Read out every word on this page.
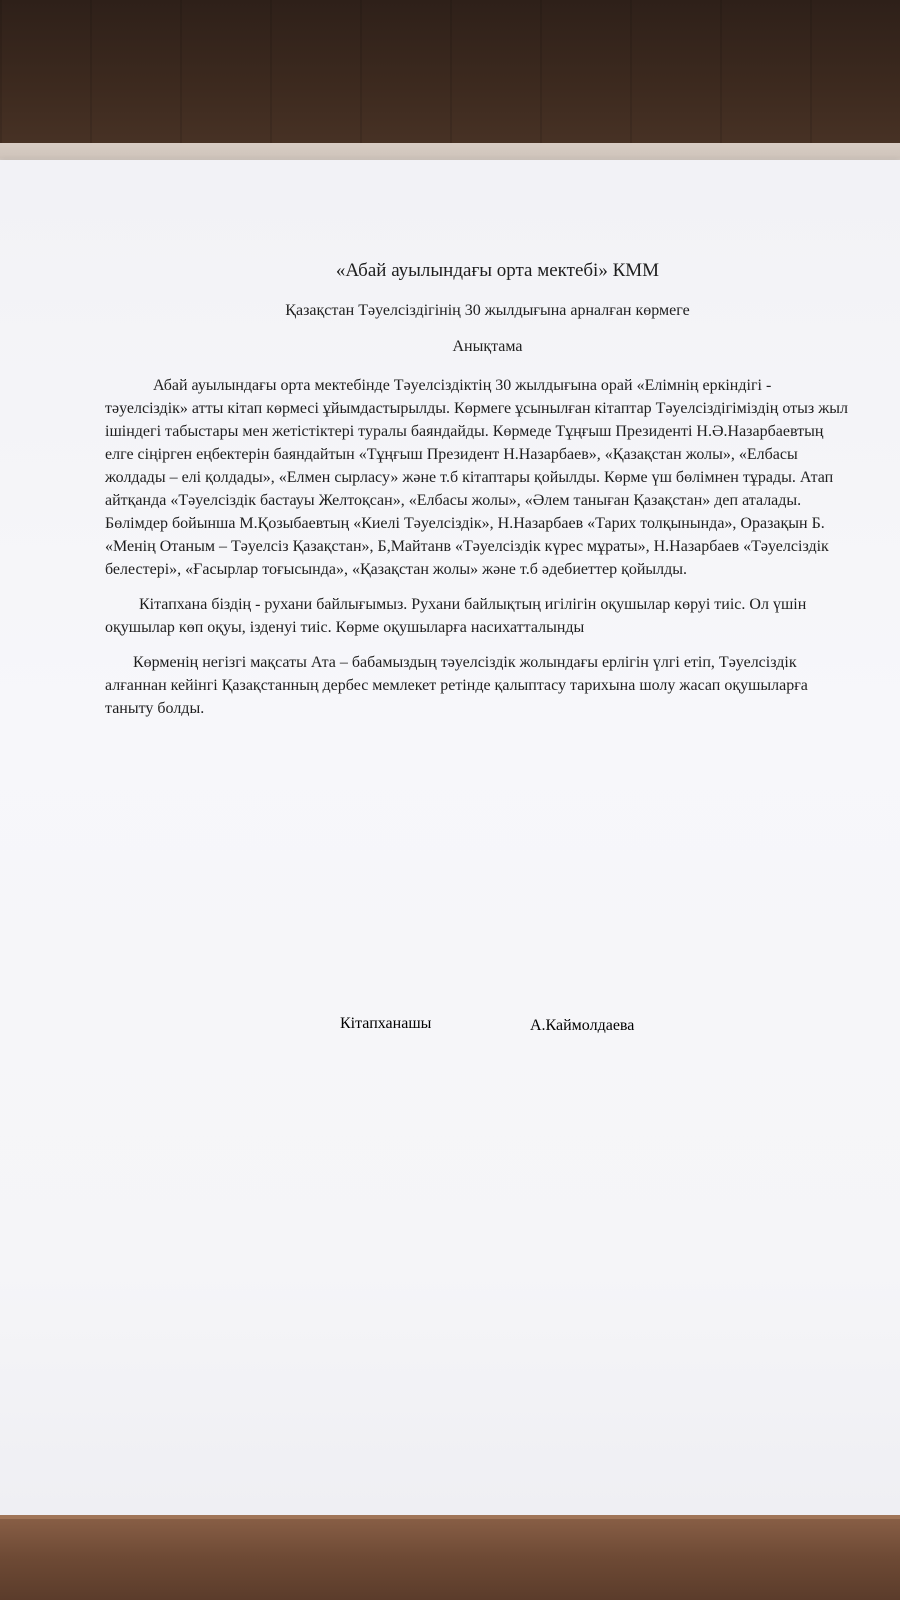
«Абай ауылындағы орта мектебі» КММ
Қазақстан Тәуелсіздігінің 30 жылдығына арналған көрмеге
Анықтама

Абай ауылындағы орта мектебінде Тәуелсіздіктің 30 жылдығына орай «Елімнің еркіндігі - тәуелсіздік» атты кітап көрмесі ұйымдастырылды. Көрмеге ұсынылған кітаптар Тәуелсіздігіміздің отыз жыл ішіндегі табыстары мен жетістіктері туралы баяндайды. Көрмеде Тұңғыш Президенті Н.Ә.Назарбаевтың елге сіңірген еңбектерін баяндайтын «Тұңғыш Президент Н.Назарбаев», «Қазақстан жолы», «Елбасы жолдады – елі қолдады», «Елмен сырласу» және т.б кітаптары қойылды. Көрме үш бөлімнен тұрады. Атап айтқанда «Тәуелсіздік бастауы Желтоқсан», «Елбасы жолы», «Әлем таныған Қазақстан» деп аталады. Бөлімдер бойынша М.Қозыбаевтың «Киелі Тәуелсіздік», Н.Назарбаев «Тарих толқынында», Оразақын Б. «Менің Отаным – Тәуелсіз Қазақстан», Б,Майтанв «Тәуелсіздік күрес мұраты», Н.Назарбаев «Тәуелсіздік белестері», «Ғасырлар тоғысында», «Қазақстан жолы» және т.б әдебиеттер қойылды.

Кітапхана біздің - рухани байлығымыз. Рухани байлықтың игілігін оқушылар көруі тиіс. Ол үшін оқушылар көп оқуы, ізденуі тиіс. Көрме оқушыларға насихатталынды

Көрменің негізгі мақсаты Ата – бабамыздың тәуелсіздік жолындағы ерлігін үлгі етіп, Тәуелсіздік алғаннан кейінгі Қазақстанның дербес мемлекет ретінде қалыптасу тарихына шолу жасап оқушыларға таныту болды.

Кітапханашы	А.Каймолдаева
